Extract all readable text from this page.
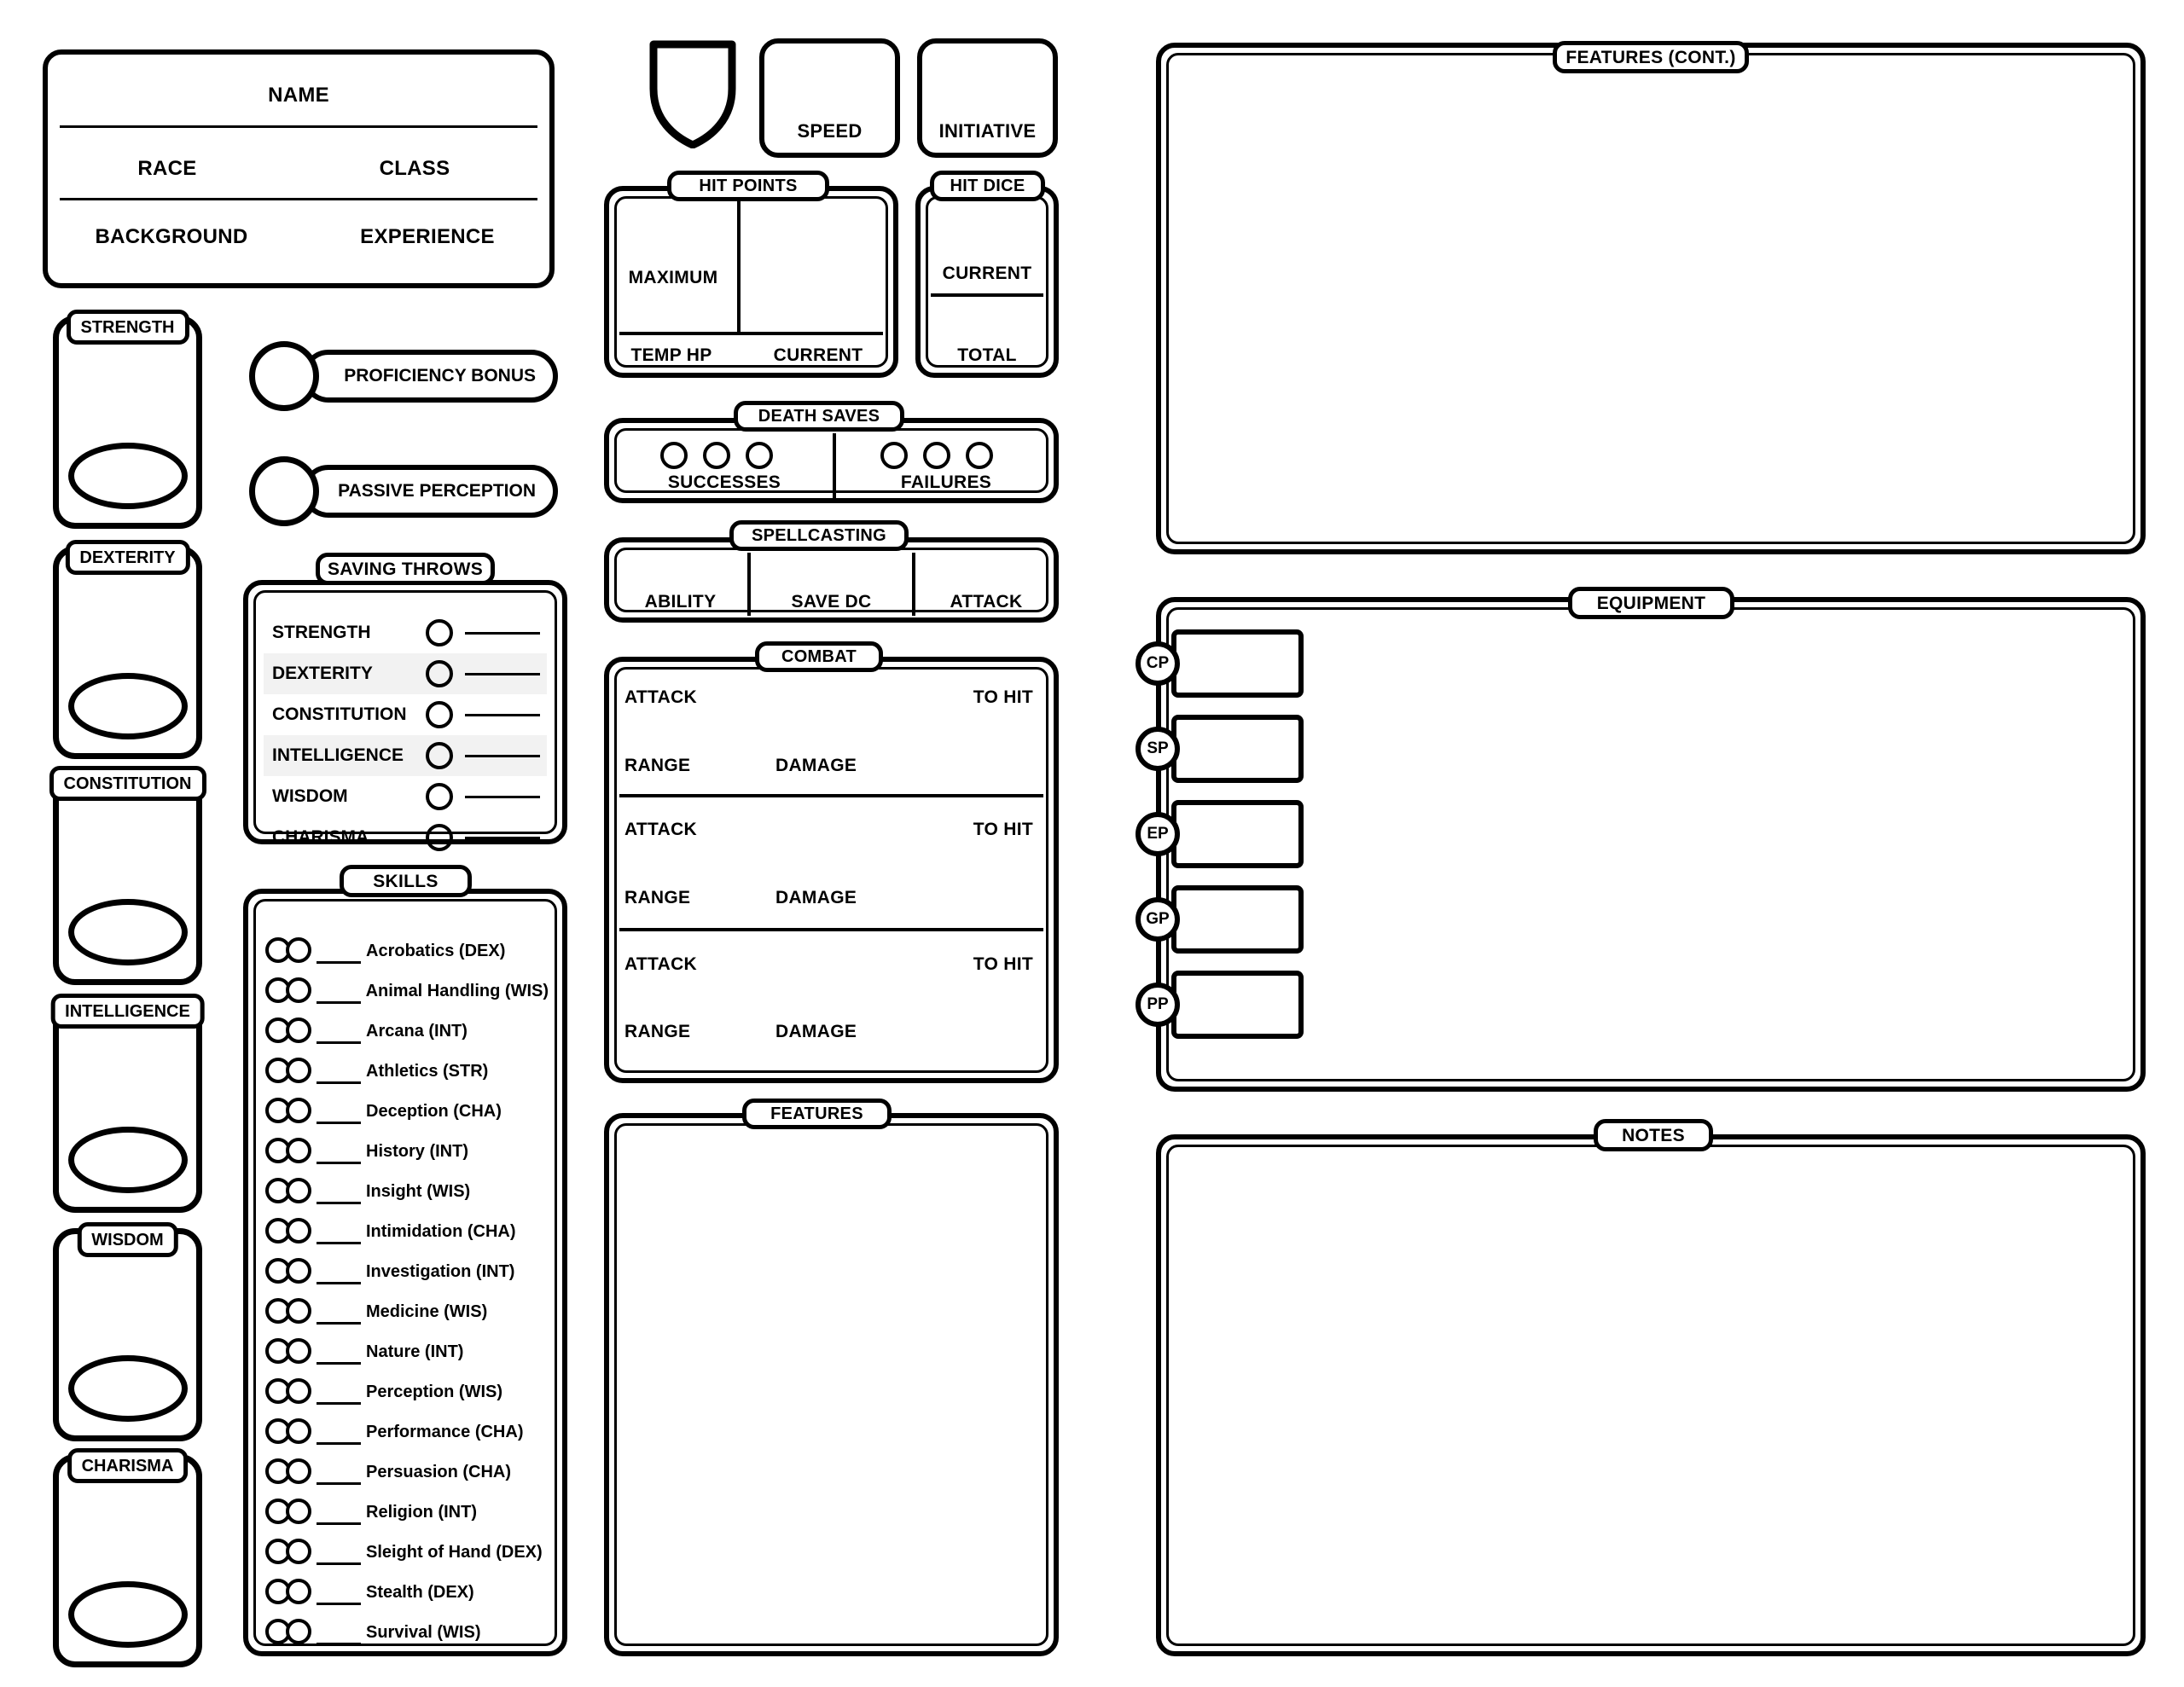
NAME
RACE	CLASS
BACKGROUND	EXPERIENCE
STRENGTH
DEXTERITY
CONSTITUTION
INTELLIGENCE
WISDOM
CHARISMA
PROFICIENCY BONUS
PASSIVE PERCEPTION
STRENGTH
DEXTERITY
CONSTITUTION
INTELLIGENCE
WISDOM
CHARISMA
SAVING THROWS
Acrobatics (DEX)
Animal Handling (WIS)
Arcana (INT)
Athletics (STR)
Deception (CHA)
History (INT)
Insight (WIS)
Intimidation (CHA)
Investigation (INT)
Medicine (WIS)
Nature (INT)
Perception (WIS)
Performance (CHA)
Persuasion (CHA)
Religion (INT)
Sleight of Hand (DEX)
Stealth (DEX)
Survival (WIS)
SKILLS
SPEED	INITIATIVE
MAXIMUM
TEMP HP	CURRENT
HIT POINTS
CURRENT
TOTAL
HIT DICE
SUCCESSES	FAILURES
DEATH SAVES
ABILITY	SAVE DC	ATTACK
SPELLCASTING
ATTACK	TO HIT
RANGE	DAMAGE
ATTACK	TO HIT
RANGE	DAMAGE
ATTACK	TO HIT
RANGE	DAMAGE
COMBAT
FEATURES
FEATURES (CONT.)
CP
SP
EP
GP
PP
EQUIPMENT
NOTES
